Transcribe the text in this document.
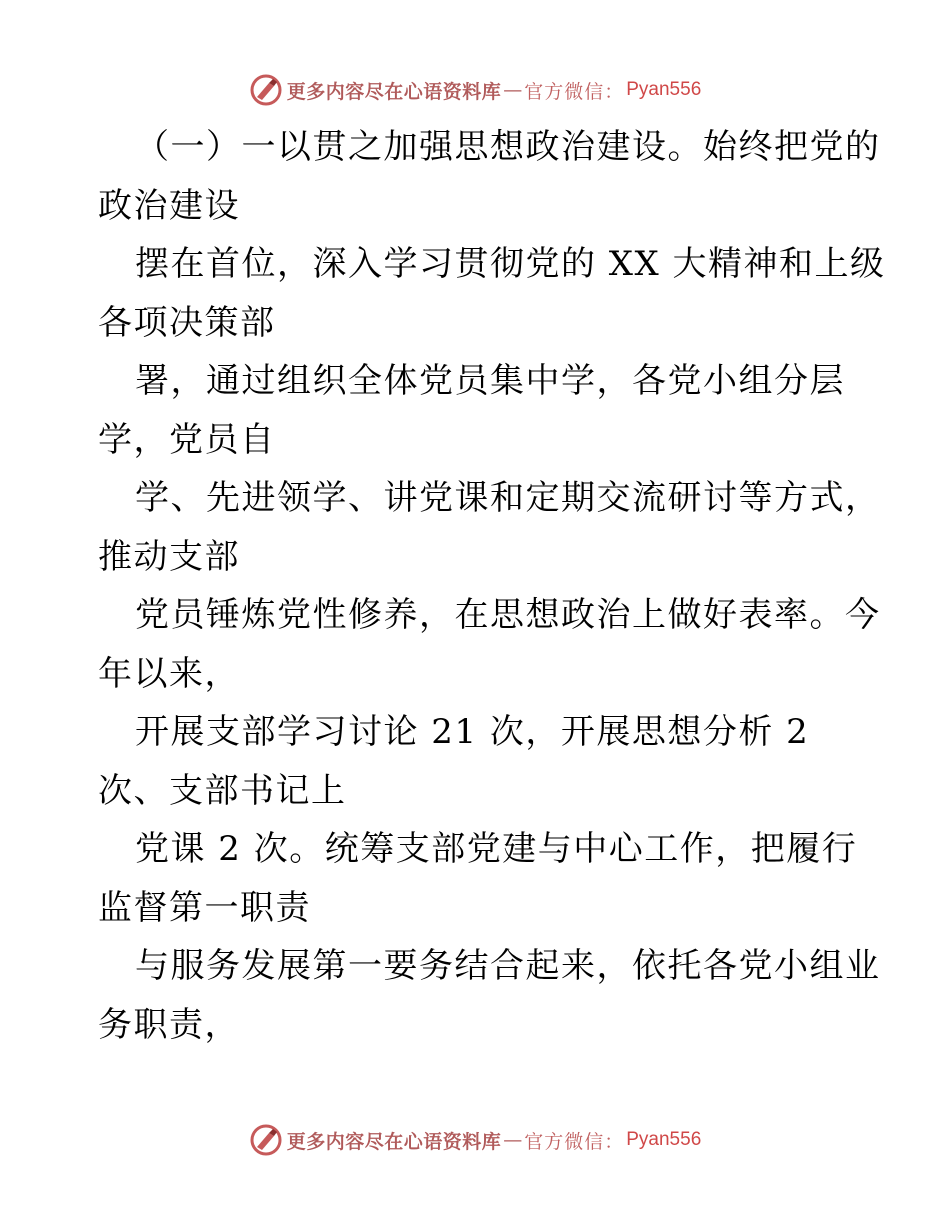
更多内容尽在心语资料库 — 官方微信： Pyan556
（一）一以贯之加强思想政治建设。始终把党的
政治建设
摆在首位，深入学习贯彻党的 XX 大精神和上级
各项决策部
署，通过组织全体党员集中学，各党小组分层
学，党员自
学、先进领学、讲党课和定期交流研讨等方式，
推动支部
党员锤炼党性修养，在思想政治上做好表率。今
年以来，
开展支部学习讨论 21 次，开展思想分析 2
次、支部书记上
党课 2 次。统筹支部党建与中心工作，把履行
监督第一职责
与服务发展第一要务结合起来，依托各党小组业
务职责，
更多内容尽在心语资料库 — 官方微信： Pyan556
